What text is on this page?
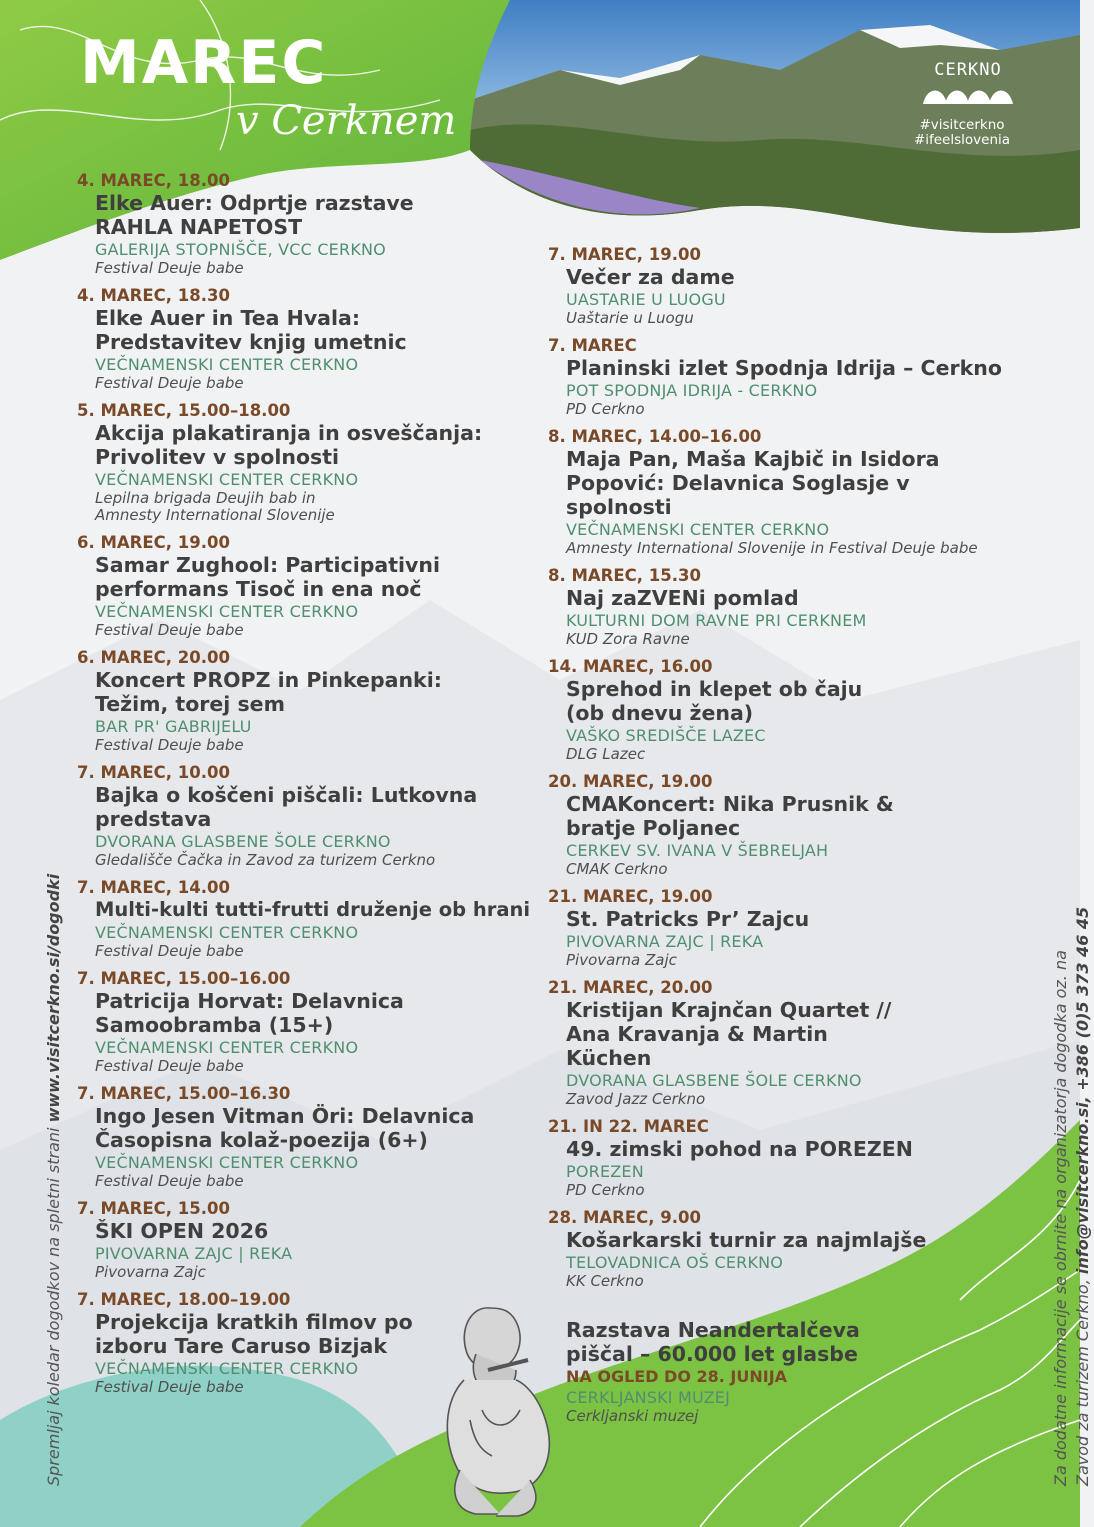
MAREC
v Cerknem
CERKNO
#visitcerkno
#ifeelslovenia
4. MAREC, 18.00
Elke Auer: Odprtje razstave RAHLA NAPETOST
GALERIJA STOPNIŠČE, VCC CERKNO
Festival Deuje babe
4. MAREC, 18.30
Elke Auer in Tea Hvala: Predstavitev knjig umetnic
VEČNAMENSKI CENTER CERKNO
Festival Deuje babe
5. MAREC, 15.00–18.00
Akcija plakatiranja in osveščanja: Privolitev v spolnosti
VEČNAMENSKI CENTER CERKNO
Lepilna brigada Deujih bab in Amnesty International Slovenije
6. MAREC, 19.00
Samar Zughool: Participativni performans Tisoč in ena noč
VEČNAMENSKI CENTER CERKNO
Festival Deuje babe
6. MAREC, 20.00
Koncert PROPZ in Pinkepanki: Težim, torej sem
BAR PR' GABRIJELU
Festival Deuje babe
7. MAREC, 10.00
Bajka o koščeni piščali: Lutkovna predstava
DVORANA GLASBENE ŠOLE CERKNO
Gledališče Čačka in Zavod za turizem Cerkno
7. MAREC, 14.00
Multi-kulti tutti-frutti druženje ob hrani
VEČNAMENSKI CENTER CERKNO
Festival Deuje babe
7. MAREC, 15.00–16.00
Patricija Horvat: Delavnica Samoobramba (15+)
VEČNAMENSKI CENTER CERKNO
Festival Deuje babe
7. MAREC, 15.00–16.30
Ingo Jesen Vitman Öri: Delavnica Časopisna kolaž-poezija (6+)
VEČNAMENSKI CENTER CERKNO
Festival Deuje babe
7. MAREC, 15.00
ŠKI OPEN 2026
PIVOVARNA ZAJC | REKA
Pivovarna Zajc
7. MAREC, 18.00–19.00
Projekcija kratkih filmov po izboru Tare Caruso Bizjak
VEČNAMENSKI CENTER CERKNO
Festival Deuje babe
7. MAREC, 19.00
Večer za dame
UASTARIE U LUOGU
Uaštarie u Luogu
7. MAREC
Planinski izlet Spodnja Idrija – Cerkno
POT SPODNJA IDRIJA - CERKNO
PD Cerkno
8. MAREC, 14.00–16.00
Maja Pan, Maša Kajbič in Isidora Popović: Delavnica Soglasje v spolnosti
VEČNAMENSKI CENTER CERKNO
Amnesty International Slovenije in Festival Deuje babe
8. MAREC, 15.30
Naj zaZVENi pomlad
KULTURNI DOM RAVNE PRI CERKNEM
KUD Zora Ravne
14. MAREC, 16.00
Sprehod in klepet ob čaju (ob dnevu žena)
VAŠKO SREDIŠČE LAZEC
DLG Lazec
20. MAREC, 19.00
CMAKoncert: Nika Prusnik & bratje Poljanec
CERKEV SV. IVANA V ŠEBRELJAH
CMAK Cerkno
21. MAREC, 19.00
St. Patricks Pr’ Zajcu
PIVOVARNA ZAJC | REKA
Pivovarna Zajc
21. MAREC, 20.00
Kristijan Krajnčan Quartet // Ana Kravanja & Martin Küchen
DVORANA GLASBENE ŠOLE CERKNO
Zavod Jazz Cerkno
21. IN 22. MAREC
49. zimski pohod na POREZEN
POREZEN
PD Cerkno
28. MAREC, 9.00
Košarkarski turnir za najmlajše
TELOVADNICA OŠ CERKNO
KK Cerkno
Razstava Neandertalčeva piščal – 60.000 let glasbe
NA OGLED DO 28. JUNIJA
CERKLJANSKI MUZEJ
Cerkljanski muzej
Spremljaj koledar dogodkov na spletni strani www.visitcerkno.si/dogodki	Za dodatne informacije se obrnite na organizatorja dogodka oz. na Zavod za turizem Cerkno, info@visitcerkno.si, +386 (0)5 373 46 45
